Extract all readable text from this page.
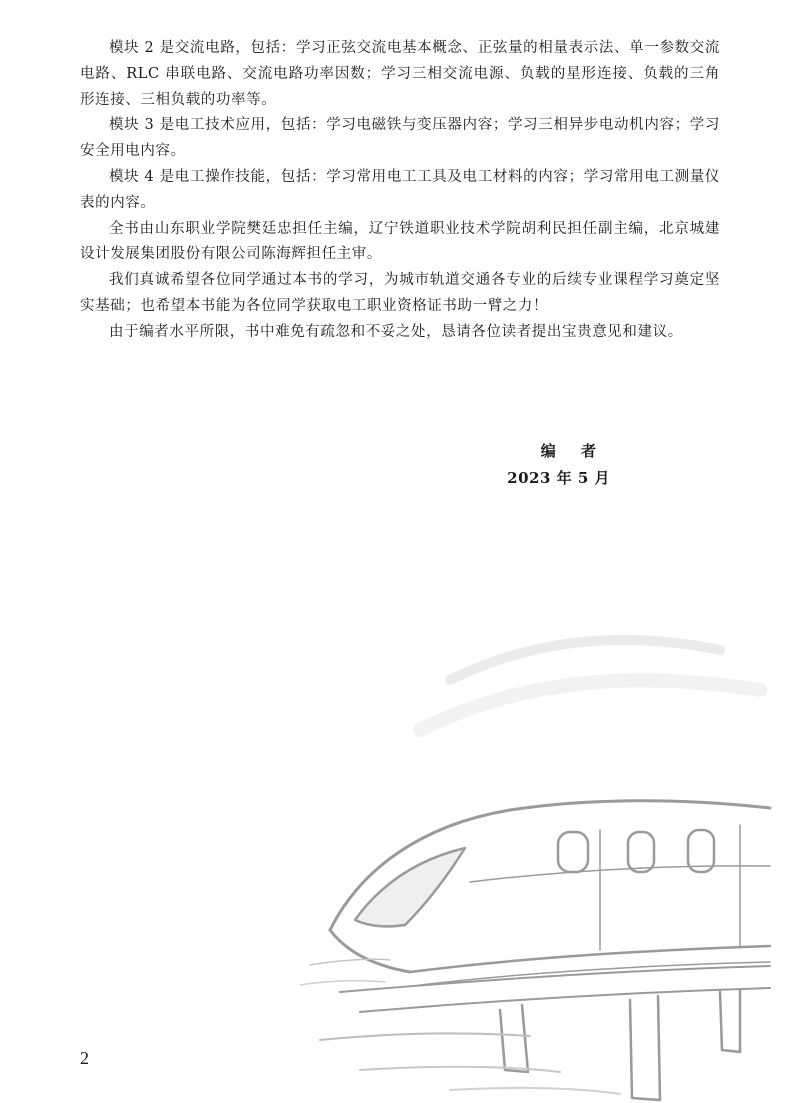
模块 2 是交流电路，包括：学习正弦交流电基本概念、正弦量的相量表示法、单一参数交流电路、RLC 串联电路、交流电路功率因数；学习三相交流电源、负载的星形连接、负载的三角形连接、三相负载的功率等。

模块 3 是电工技术应用，包括：学习电磁铁与变压器内容；学习三相异步电动机内容；学习安全用电内容。

模块 4 是电工操作技能，包括：学习常用电工工具及电工材料的内容；学习常用电工测量仪表的内容。

全书由山东职业学院樊廷忠担任主编，辽宁铁道职业技术学院胡利民担任副主编，北京城建设计发展集团股份有限公司陈海辉担任主审。

我们真诚希望各位同学通过本书的学习，为城市轨道交通各专业的后续专业课程学习奠定坚实基础；也希望本书能为各位同学获取电工职业资格证书助一臂之力！

由于编者水平所限，书中难免有疏忽和不妥之处，恳请各位读者提出宝贵意见和建议。

编 者
2023 年 5 月
2
